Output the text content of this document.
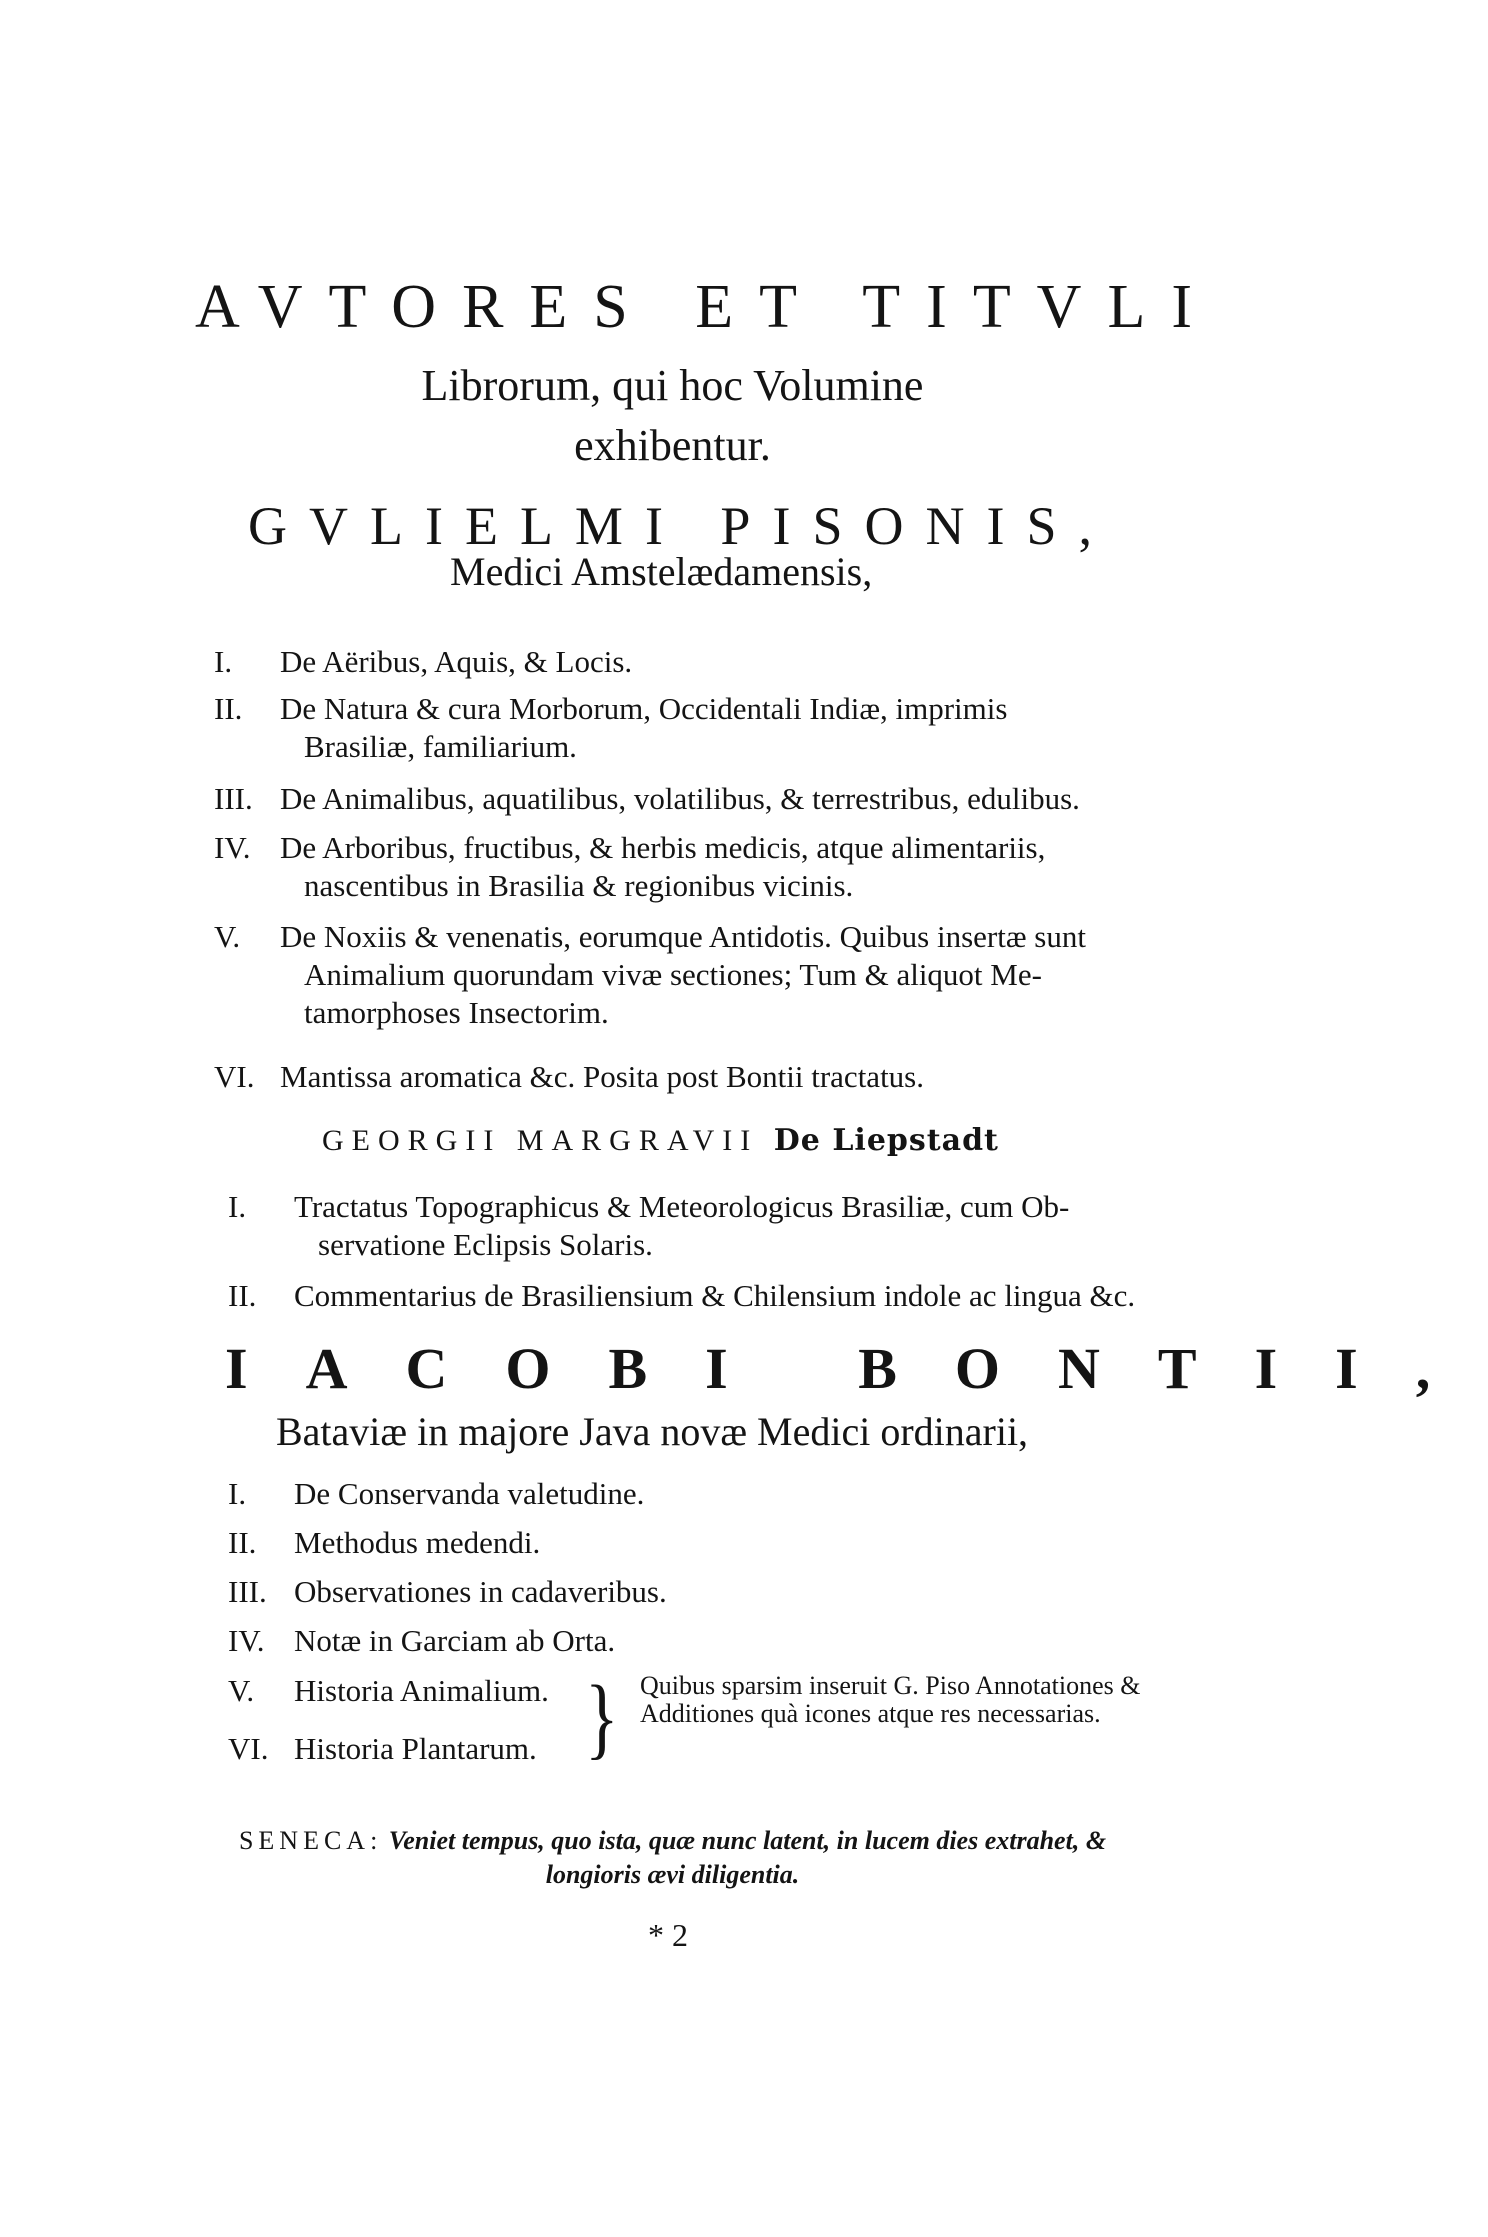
AVTORES ET TITVLI
Librorum, qui hoc Volumine
exhibentur.
GVLIELMI PISONIS,
Medici Amstelædamensis,
I. De Aëribus, Aquis, & Locis.
II. De Natura & cura Morborum, Occidentali Indiæ, imprimis
Brasiliæ, familiarium.
III. De Animalibus, aquatilibus, volatilibus, & terrestribus, edulibus.
IV. De Arboribus, fructibus, & herbis medicis, atque alimentariis,
nascentibus in Brasilia & regionibus vicinis.
V. De Noxiis & venenatis, eorumque Antidotis. Quibus insertæ sunt
Animalium quorundam vivæ sectiones; Tum & aliquot Me-
tamorphoses Insectorim.
VI. Mantissa aromatica &c. Posita post Bontii tractatus.
GEORGII MARGRAVII De Liepstadt
I. Tractatus Topographicus & Meteorologicus Brasiliæ, cum Ob-
servatione Eclipsis Solaris.
II. Commentarius de Brasiliensium & Chilensium indole ac lingua &c.
IACOBI BONTII,
Bataviæ in majore Java novæ Medici ordinarii,
I. De Conservanda valetudine.
II. Methodus medendi.
III. Observationes in cadaveribus.
IV. Notæ in Garciam ab Orta.
V. Historia Animalium.
VI. Historia Plantarum. } Quibus sparsim inseruit G. Piso Annotationes & Additiones quà icones atque res necessarias.
SENECA: Veniet tempus, quo ista, quæ nunc latent, in lucem dies extrahet, &
longioris ævi diligentia.
* 2
